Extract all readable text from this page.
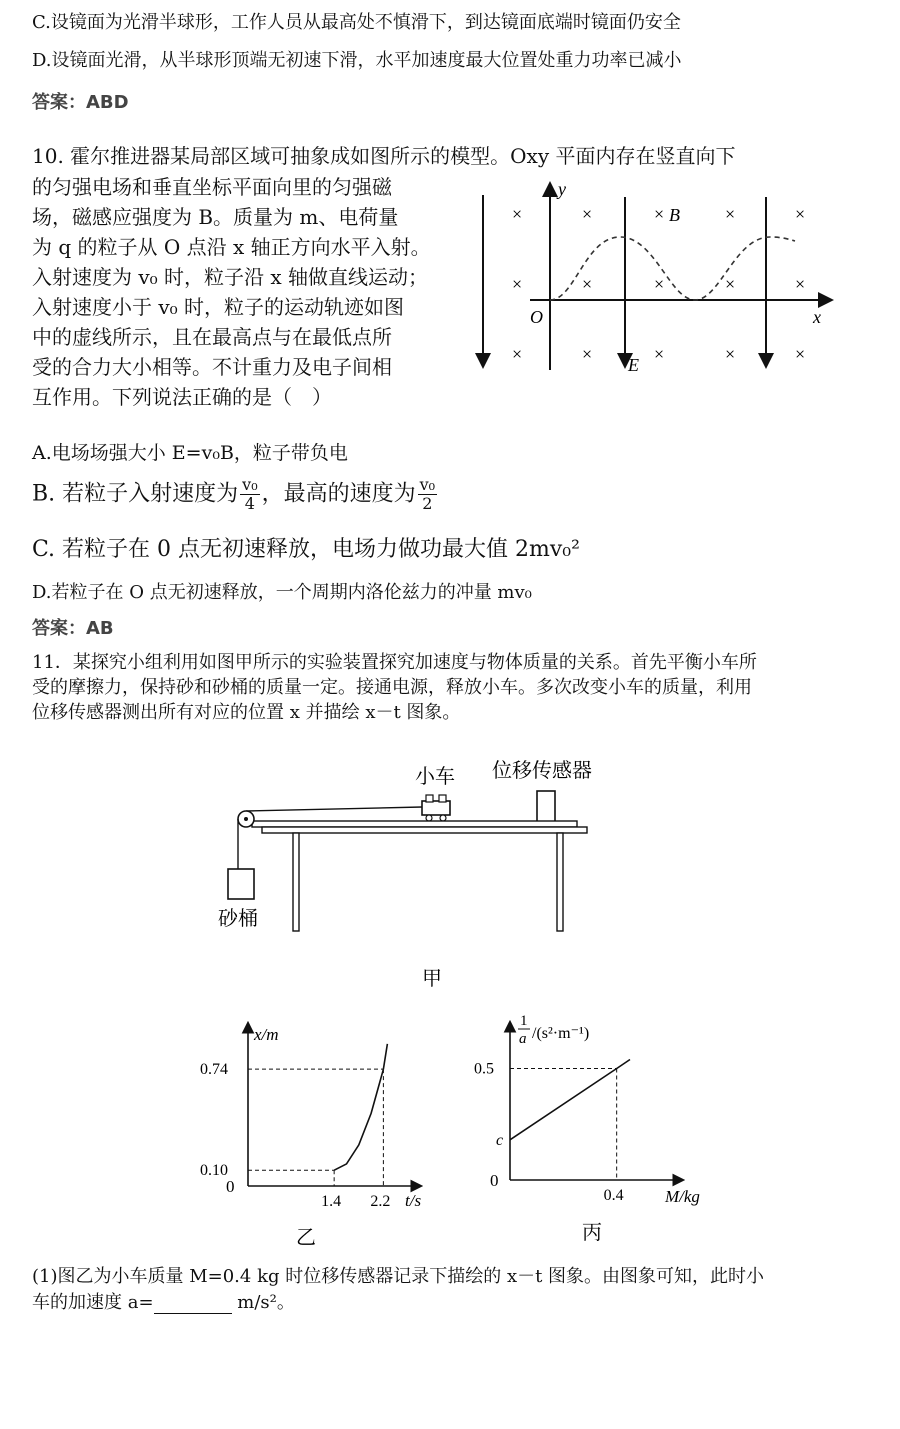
C.设镜面为光滑半球形，工作人员从最高处不慎滑下，到达镜面底端时镜面仍安全
D.设镜面光滑，从半球形顶端无初速下滑，水平加速度最大位置处重力功率已减小
答案：ABD
10. 霍尔推进器某局部区域可抽象成如图所示的模型。Oxy 平面内存在竖直向下
的匀强电场和垂直坐标平面向里的匀强磁
场，磁感应强度为 B。质量为 m、电荷量
为 q 的粒子从 O 点沿 x 轴正方向水平入射。
入射速度为 v₀ 时，粒子沿 x 轴做直线运动；
入射速度小于 v₀ 时，粒子的运动轨迹如图
中的虚线所示，且在最高点与在最低点所
受的合力大小相等。不计重力及电子间相
互作用。下列说法正确的是（　）
y
x
O
E
×	×	× B	×	×
×	×	×	×	×
×	×	×	×	×
A.电场场强大小 E=v₀B，粒子带负电
B. 若粒子入射速度为 $\frac{\text{v₀}}{4}$ ，最高的速度为 $\frac{\text{v₀}}{2}$
C. 若粒子在 0 点无初速释放，电场力做功最大值 2mv₀²
D.若粒子在 O 点无初速释放，一个周期内洛伦兹力的冲量 mv₀
答案：AB
11．某探究小组利用如图甲所示的实验装置探究加速度与物体质量的关系。首先平衡小车所
受的摩擦力，保持砂和砂桶的质量一定。接通电源，释放小车。多次改变小车的质量，利用
位移传感器测出所有对应的位置 x 并描绘 x－t 图象。
小车 位移传感器
砂桶
甲
x/m
t/s
0
1.4 2.2
0.10
0.74
乙
1
a /(s²·m⁻¹)
M/kg
0
0.4
c
0.5
丙
(1)图乙为小车质量 M=0.4 kg 时位移传感器记录下描绘的 x－t 图象。由图象可知，此时小
车的加速度 a=	m/s²。
